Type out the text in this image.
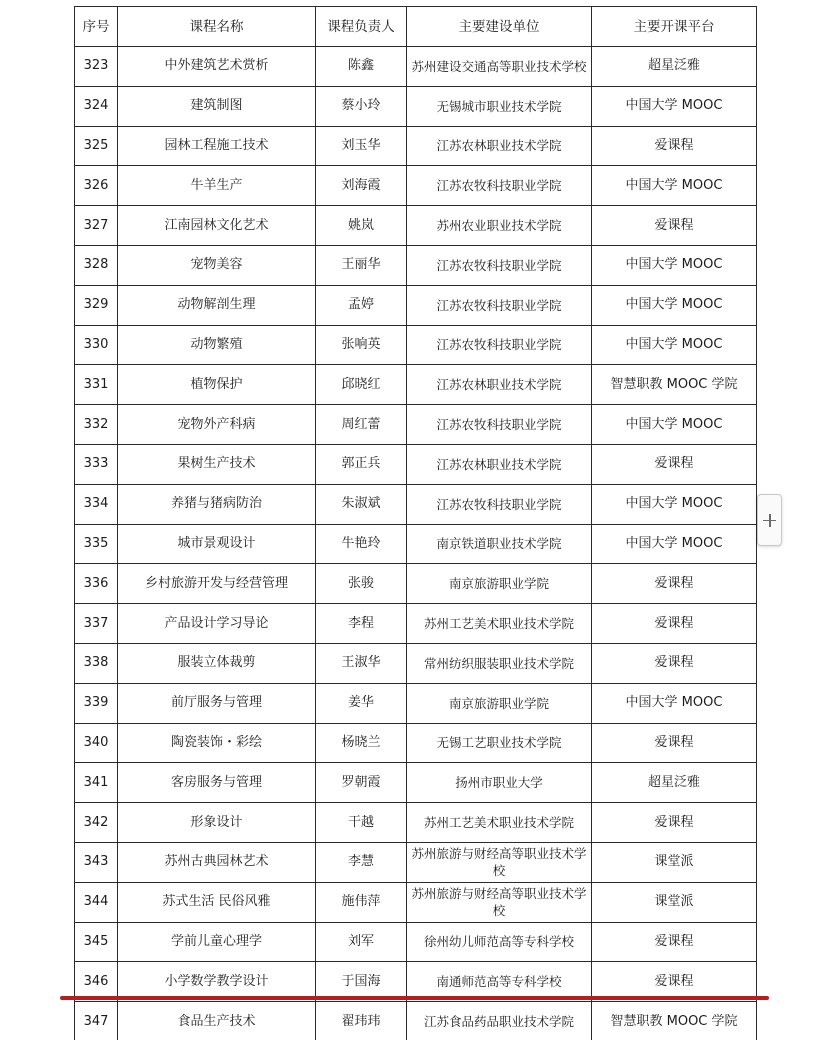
序号	课程名称	课程负责人	主要建设单位	主要开课平台
323	中外建筑艺术赏析	陈鑫	苏州建设交通高等职业技术学校	超星泛雅
324	建筑制图	蔡小玲	无锡城市职业技术学院	中国大学 MOOC
325	园林工程施工技术	刘玉华	江苏农林职业技术学院	爱课程
326	牛羊生产	刘海霞	江苏农牧科技职业学院	中国大学 MOOC
327	江南园林文化艺术	姚岚	苏州农业职业技术学院	爱课程
328	宠物美容	王丽华	江苏农牧科技职业学院	中国大学 MOOC
329	动物解剖生理	孟婷	江苏农牧科技职业学院	中国大学 MOOC
330	动物繁殖	张响英	江苏农牧科技职业学院	中国大学 MOOC
331	植物保护	邱晓红	江苏农林职业技术学院	智慧职教 MOOC 学院
332	宠物外产科病	周红蕾	江苏农牧科技职业学院	中国大学 MOOC
333	果树生产技术	郭正兵	江苏农林职业技术学院	爱课程
334	养猪与猪病防治	朱淑斌	江苏农牧科技职业学院	中国大学 MOOC
335	城市景观设计	牛艳玲	南京铁道职业技术学院	中国大学 MOOC
336	乡村旅游开发与经营管理	张骏	南京旅游职业学院	爱课程
337	产品设计学习导论	李程	苏州工艺美术职业技术学院	爱课程
338	服装立体裁剪	王淑华	常州纺织服装职业技术学院	爱课程
339	前厅服务与管理	姜华	南京旅游职业学院	中国大学 MOOC
340	陶瓷装饰・彩绘	杨晓兰	无锡工艺职业技术学院	爱课程
341	客房服务与管理	罗朝霞	扬州市职业大学	超星泛雅
342	形象设计	干越	苏州工艺美术职业技术学院	爱课程
343	苏州古典园林艺术	李慧	苏州旅游与财经高等职业技术学校	课堂派
344	苏式生活 民俗风雅	施伟萍	苏州旅游与财经高等职业技术学校	课堂派
345	学前儿童心理学	刘军	徐州幼儿师范高等专科学校	爱课程
346	小学数学教学设计	于国海	南通师范高等专科学校	爱课程
347	食品生产技术	翟玮玮	江苏食品药品职业技术学院	智慧职教 MOOC 学院
